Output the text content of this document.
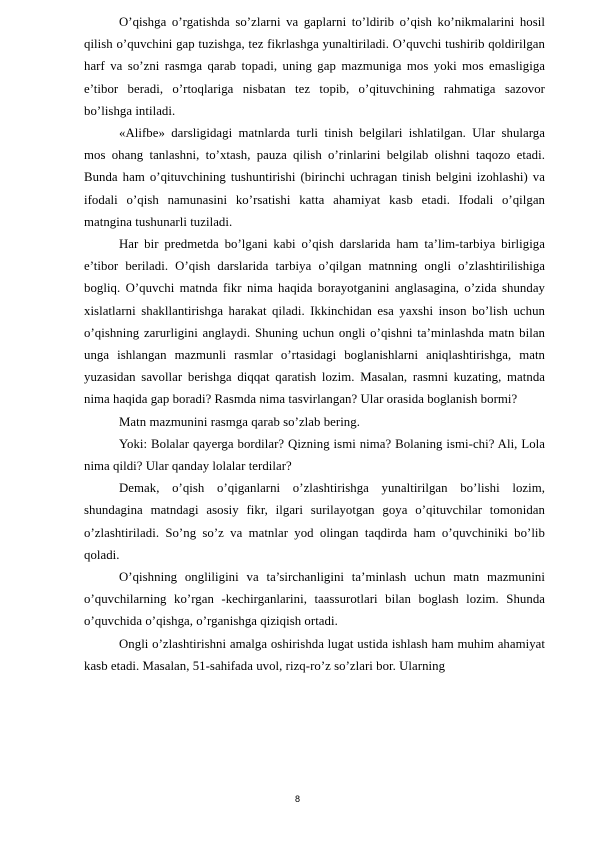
O’qishga o’rgatishda so’zlarni va gaplarni to’ldirib o’qish ko’nikmalarini hosil qilish o’quvchini gap tuzishga, tez fikrlashga yunaltiriladi. O’quvchi tushirib qoldirilgan harf va so’zni rasmga qarab topadi, uning gap mazmuniga mos yoki mos emasligiga e’tibor beradi, o’rtoqlariga nisbatan tez topib, o’qituvchining rahmatiga sazovor bo’lishga intiladi.

«Alifbe» darsligidagi matnlarda turli tinish belgilari ishlatilgan. Ular shularga mos ohang tanlashni, to’xtash, pauza qilish o’rinlarini belgilab olishni taqozo etadi. Bunda ham o’qituvchining tushuntirishi (birinchi uchragan tinish belgini izohlashi) va ifodali o’qish namunasini ko’rsatishi katta ahamiyat kasb etadi. Ifodali o’qilgan matngina tushunarli tuziladi.

Har bir predmetda bo’lgani kabi o’qish darslarida ham ta’lim-tarbiya birligiga e’tibor beriladi. O’qish darslarida tarbiya o’qilgan matnning ongli o’zlashtirilishiga bogliq. O’quvchi matnda fikr nima haqida borayotganini anglasagina, o’zida shunday xislatlarni shakllantirishga harakat qiladi. Ikkinchidan esa yaxshi inson bo’lish uchun o’qishning zarurligini anglaydi. Shuning uchun ongli o’qishni ta’minlashda matn bilan unga ishlangan mazmunli rasmlar o’rtasidagi boglanishlarni aniqlashtirishga, matn yuzasidan savollar berishga diqqat qaratish lozim. Masalan, rasmni kuzating, matnda nima haqida gap boradi? Rasmda nima tasvirlangan? Ular orasida boglanish bormi?

Matn mazmunini rasmga qarab so’zlab bering.

Yoki: Bolalar qayerga bordilar? Qizning ismi nima? Bolaning ismi-chi? Ali, Lola nima qildi? Ular qanday lolalar terdilar?

Demak, o’qish o’qiganlarni o’zlashtirishga yunaltirilgan bo’lishi lozim, shundagina matndagi asosiy fikr, ilgari surilayotgan goya o’qituvchilar tomonidan o’zlashtiriladi. So’ng so’z va matnlar yod olingan taqdirda ham o’quvchiniki bo’lib qoladi.

O’qishning ongliligini va ta’sirchanligini ta’minlash uchun matn mazmunini o’quvchilarning ko’rgan -kechirganlarini, taassurotlari bilan boglash lozim. Shunda o’quvchida o’qishga, o’rganishga qiziqish ortadi.

Ongli o’zlashtirishni amalga oshirishda lugat ustida ishlash ham muhim ahamiyat kasb etadi. Masalan, 51-sahifada uvol, rizq-ro’z so’zlari bor. Ularning

8
